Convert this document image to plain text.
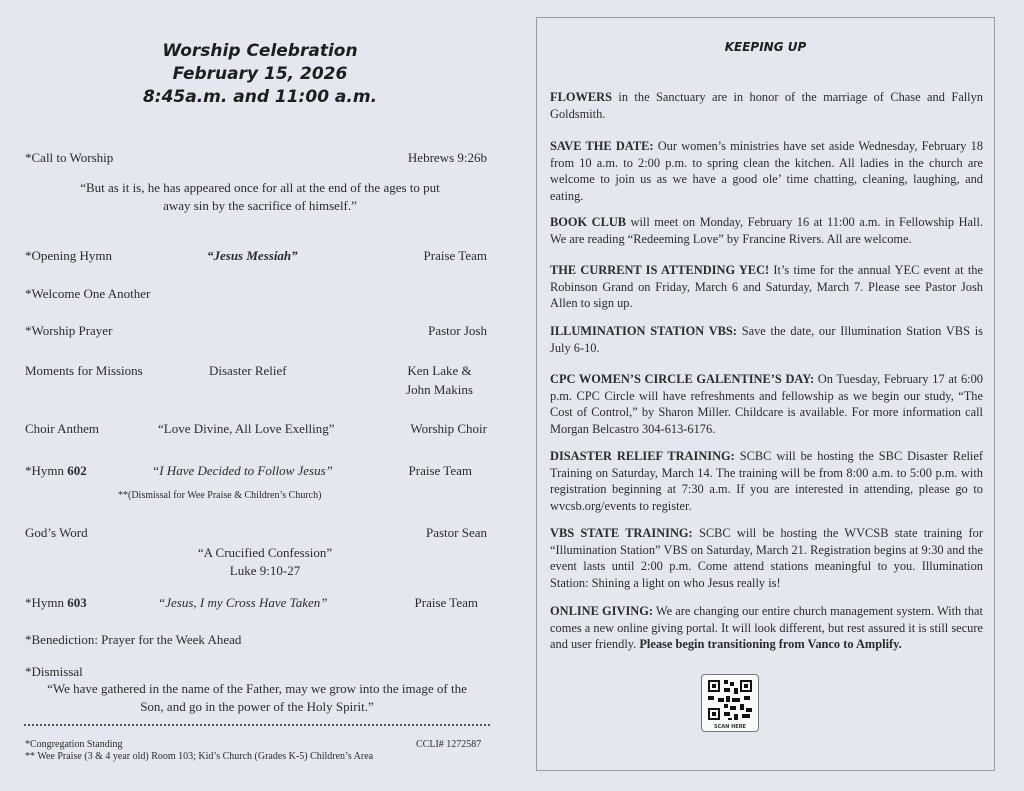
Worship Celebration
February 15, 2026
8:45a.m. and 11:00 a.m.
*Call to Worship	Hebrews 9:26b
“But as it is, he has appeared once for all at the end of the ages to put
away sin by the sacrifice of himself.”
*Opening Hymn	“Jesus Messiah”	Praise Team
*Welcome One Another
*Worship Prayer	Pastor Josh
Moments for Missions	Disaster Relief	Ken Lake &
John Makins
Choir Anthem	“Love Divine, All Love Exelling”	Worship Choir
*Hymn 602	“I Have Decided to Follow Jesus”	Praise Team
**(Dismissal for Wee Praise & Children’s Church)
God’s Word	Pastor Sean
“A Crucified Confession”
Luke 9:10-27
*Hymn 603	“Jesus, I my Cross Have Taken”	Praise Team
*Benediction: Prayer for the Week Ahead
*Dismissal
“We have gathered in the name of the Father, may we grow into the image of the
Son, and go in the power of the Holy Spirit.”
*Congregation Standing	CCLI# 1272587
** Wee Praise (3 & 4 year old) Room 103; Kid’s Church (Grades K-5) Children’s Area
KEEPING UP
FLOWERS in the Sanctuary are in honor of the marriage of Chase and Fallyn Goldsmith.
SAVE THE DATE: Our women’s ministries have set aside Wednesday, February 18 from 10 a.m. to 2:00 p.m. to spring clean the kitchen. All ladies in the church are welcome to join us as we have a good ole’ time chatting, cleaning, laughing, and eating.
BOOK CLUB will meet on Monday, February 16 at 11:00 a.m. in Fellowship Hall. We are reading “Redeeming Love” by Francine Rivers. All are welcome.
THE CURRENT IS ATTENDING YEC! It’s time for the annual YEC event at the Robinson Grand on Friday, March 6 and Saturday, March 7. Please see Pastor Josh Allen to sign up.
ILLUMINATION STATION VBS: Save the date, our Illumination Station VBS is July 6-10.
CPC WOMEN’S CIRCLE GALENTINE’S DAY: On Tuesday, February 17 at 6:00 p.m. CPC Circle will have refreshments and fellowship as we begin our study, “The Cost of Control,” by Sharon Miller. Childcare is available. For more information call Morgan Belcastro 304-613-6176.
DISASTER RELIEF TRAINING: SCBC will be hosting the SBC Disaster Relief Training on Saturday, March 14. The training will be from 8:00 a.m. to 5:00 p.m. with registration beginning at 7:30 a.m. If you are interested in attending, please go to wvcsb.org/events to register.
VBS STATE TRAINING: SCBC will be hosting the WVCSB state training for “Illumination Station” VBS on Saturday, March 21. Registration begins at 9:30 and the event lasts until 2:00 p.m. Come attend stations meaningful to you. Illumination Station: Shining a light on who Jesus really is!
ONLINE GIVING: We are changing our entire church management system. With that comes a new online giving portal. It will look different, but rest assured it is still secure and user friendly. Please begin transitioning from Vanco to Amplify.
SCAN HERE
